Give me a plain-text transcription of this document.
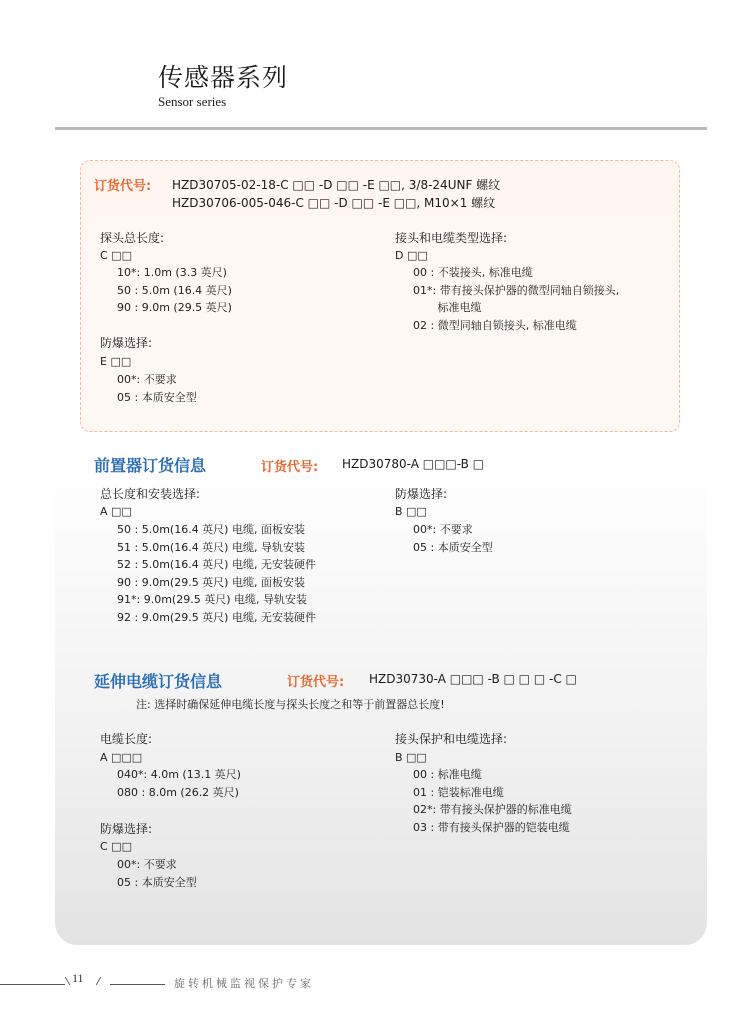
传感器系列
Sensor series
订货代号: HZD30705-02-18-C □□ -D □□ -E □□, 3/8-24UNF 螺纹
HZD30706-005-046-C □□ -D □□ -E □□, M10×1 螺纹
探头总长度:
C □□
10*: 1.0m (3.3 英尺)
50 : 5.0m (16.4 英尺)
90 : 9.0m (29.5 英尺)
接头和电缆类型选择:
D □□
00 : 不装接头, 标准电缆
01*: 带有接头保护器的微型同轴自锁接头,
标准电缆
02 : 微型同轴自锁接头, 标准电缆
防爆选择:
E □□
00*: 不要求
05 : 本质安全型
前置器订货信息	订货代号: HZD30780-A □□□-B □
总长度和安装选择:
A □□
50 : 5.0m(16.4 英尺) 电缆, 面板安装
51 : 5.0m(16.4 英尺) 电缆, 导轨安装
52 : 5.0m(16.4 英尺) 电缆, 无安装硬件
90 : 9.0m(29.5 英尺) 电缆, 面板安装
91*: 9.0m(29.5 英尺) 电缆, 导轨安装
92 : 9.0m(29.5 英尺) 电缆, 无安装硬件
防爆选择:
B □□
00*: 不要求
05 : 本质安全型
延伸电缆订货信息	订货代号: HZD30730-A □□□ -B □ □ □ -C □
注: 选择时确保延伸电缆长度与探头长度之和等于前置器总长度!
电缆长度:
A □□□
040*: 4.0m (13.1 英尺)
080 : 8.0m (26.2 英尺)
接头保护和电缆选择:
B □□
00 : 标准电缆
01 : 铠装标准电缆
02*: 带有接头保护器的标准电缆
03 : 带有接头保护器的铠装电缆
防爆选择:
C □□
00*: 不要求
05 : 本质安全型
11	旋转机械监视保护专家
